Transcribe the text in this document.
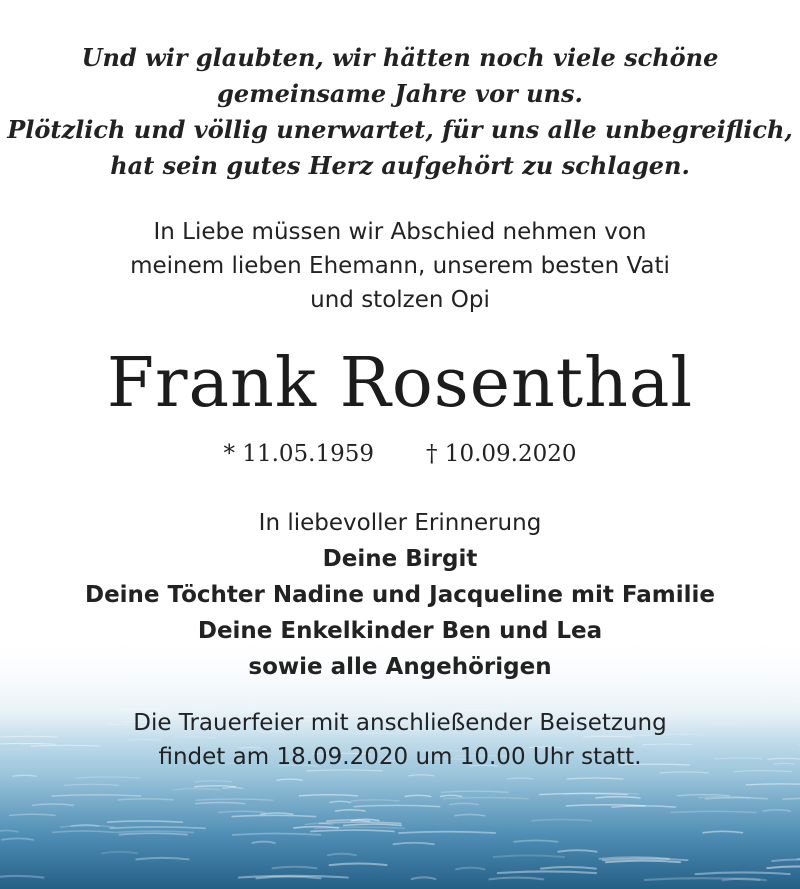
Und wir glaubten, wir hätten noch viele schöne
gemeinsame Jahre vor uns.
Plötzlich und völlig unerwartet, für uns alle unbegreiflich,
hat sein gutes Herz aufgehört zu schlagen.
In Liebe müssen wir Abschied nehmen von
meinem lieben Ehemann, unserem besten Vati
und stolzen Opi
Frank Rosenthal
* 11.05.1959 † 10.09.2020
In liebevoller Erinnerung
Deine Birgit
Deine Töchter Nadine und Jacqueline mit Familie
Deine Enkelkinder Ben und Lea
sowie alle Angehörigen
Die Trauerfeier mit anschließender Beisetzung
findet am 18.09.2020 um 10.00 Uhr statt.
